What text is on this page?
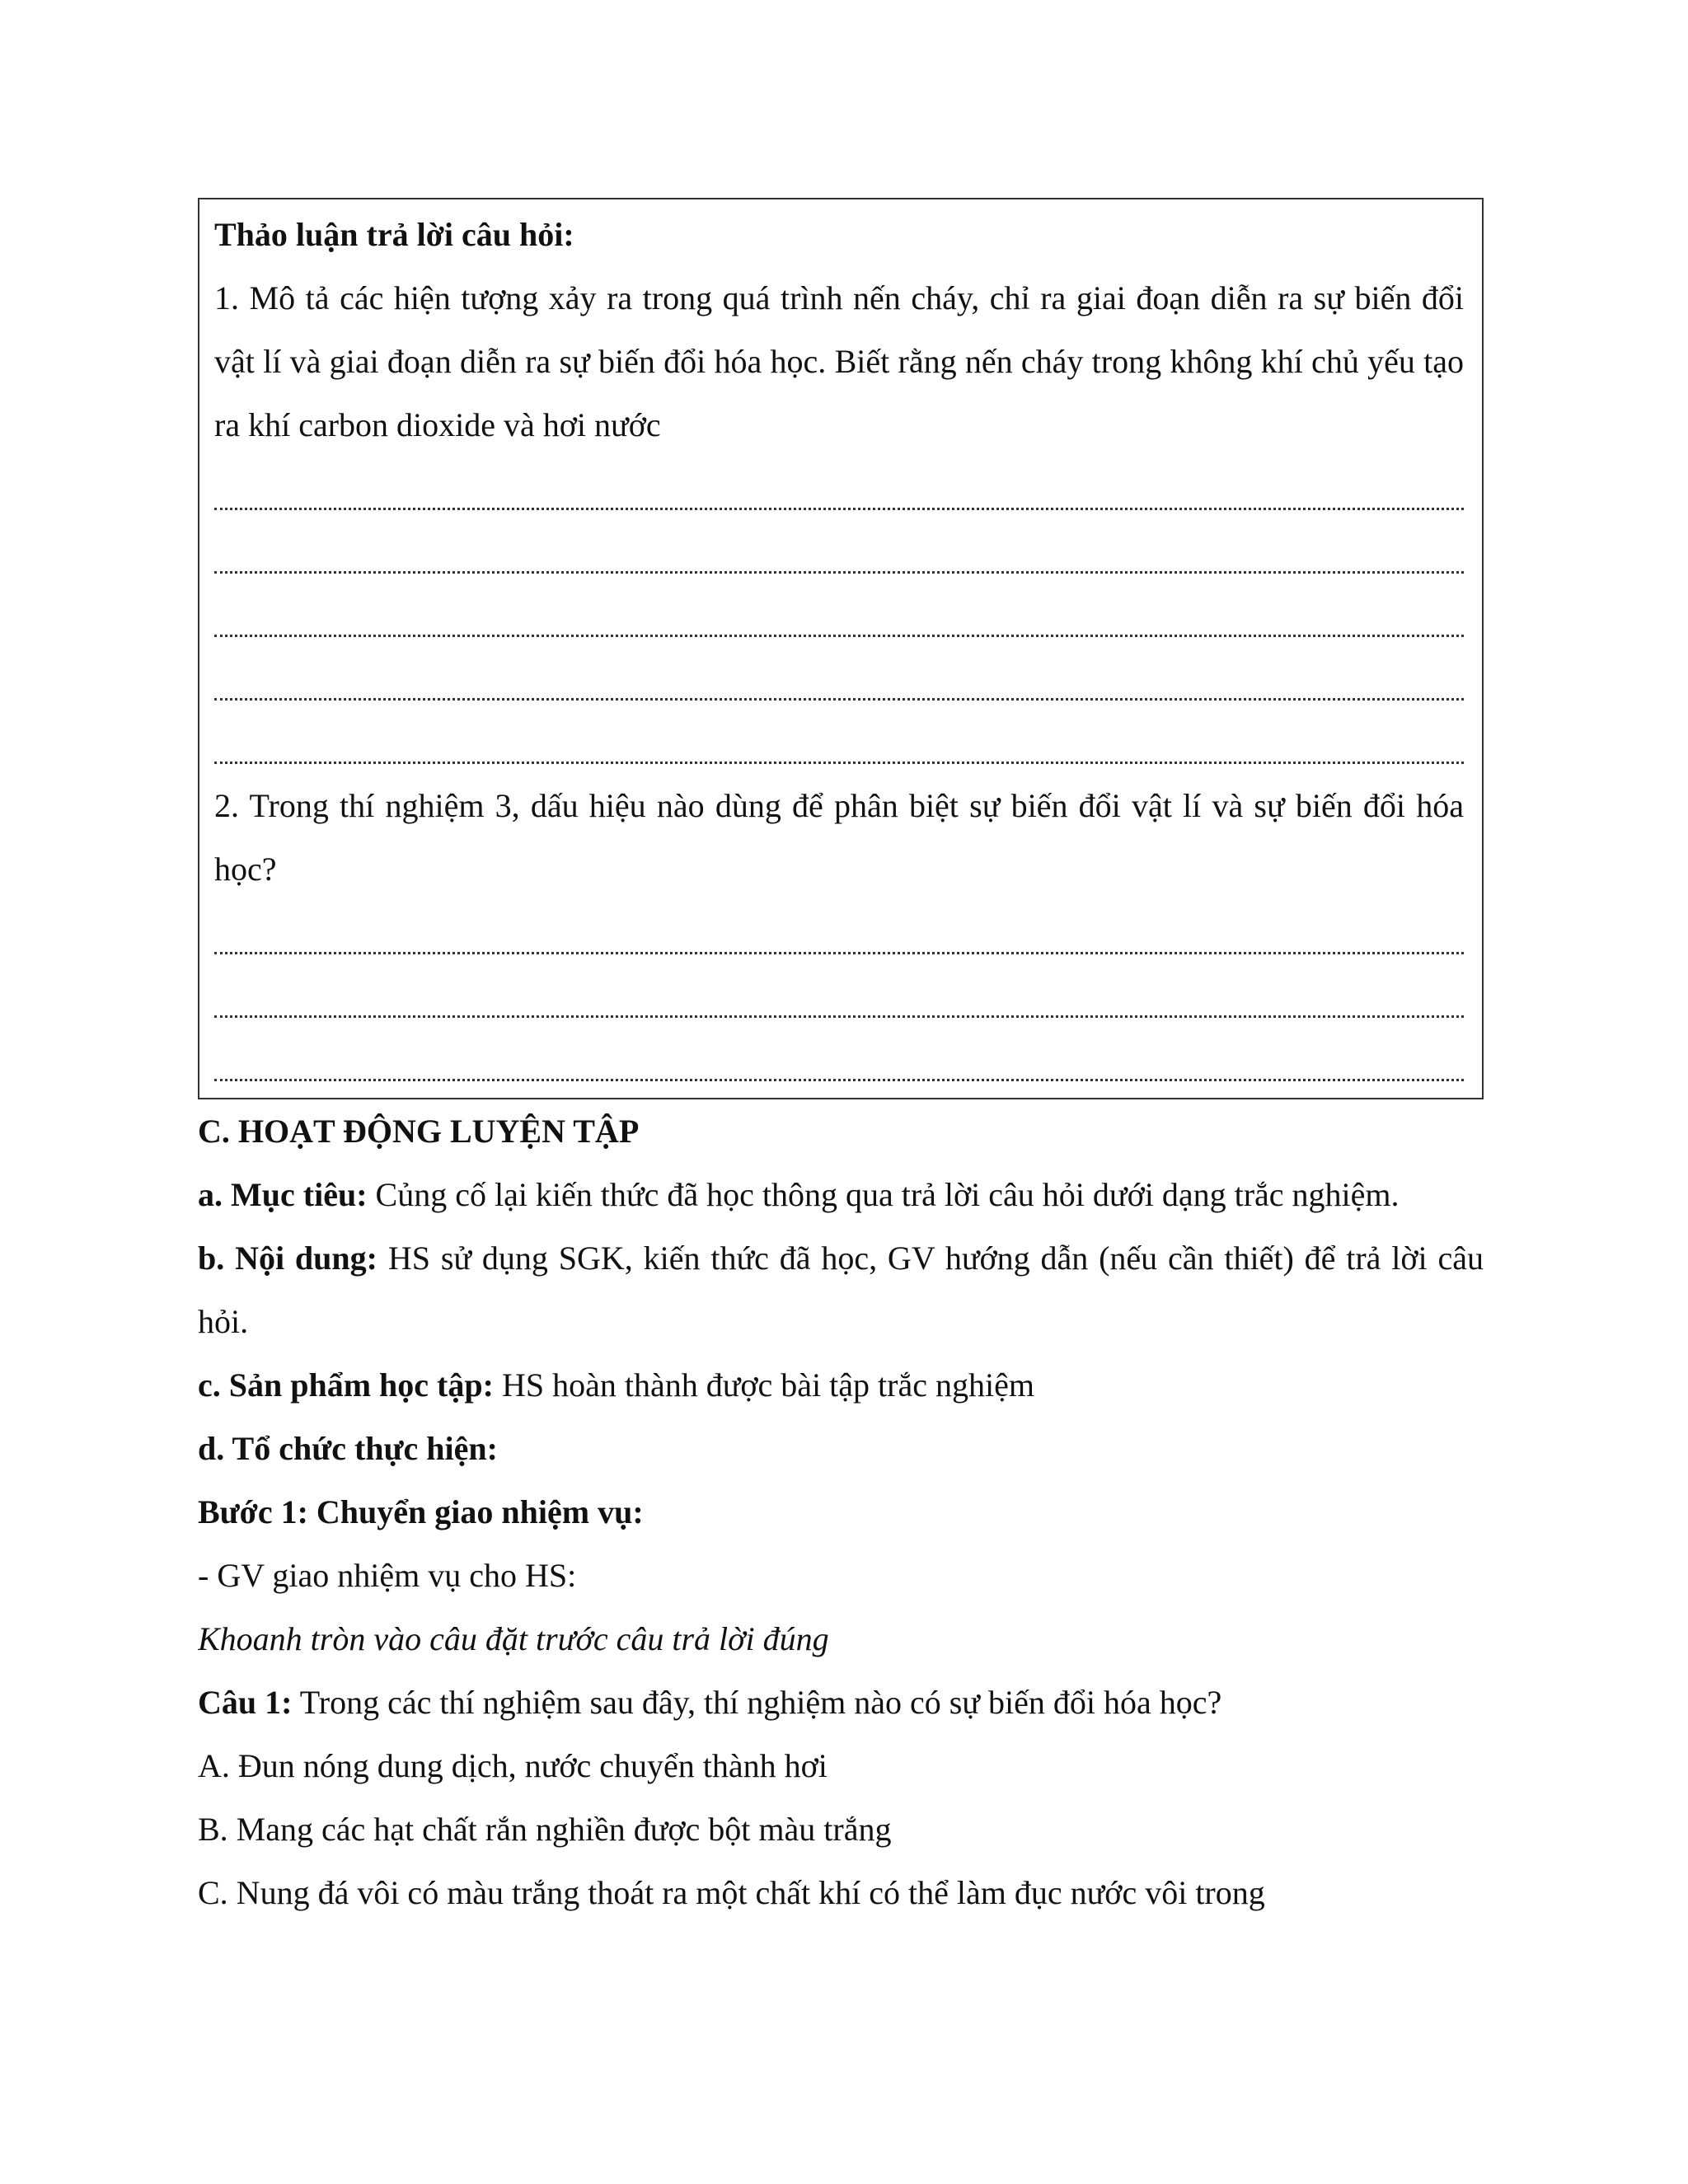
Thảo luận trả lời câu hỏi:
1. Mô tả các hiện tượng xảy ra trong quá trình nến cháy, chỉ ra giai đoạn diễn ra sự biến đổi vật lí và giai đoạn diễn ra sự biến đổi hóa học. Biết rằng nến cháy trong không khí chủ yếu tạo ra khí carbon dioxide và hơi nước
2. Trong thí nghiệm 3, dấu hiệu nào dùng để phân biệt sự biến đổi vật lí và sự biến đổi hóa học?
C. HOẠT ĐỘNG LUYỆN TẬP
a. Mục tiêu: Củng cố lại kiến thức đã học thông qua trả lời câu hỏi dưới dạng trắc nghiệm.
b. Nội dung: HS sử dụng SGK, kiến thức đã học, GV hướng dẫn (nếu cần thiết) để trả lời câu hỏi.
c. Sản phẩm học tập: HS hoàn thành được bài tập trắc nghiệm
d. Tổ chức thực hiện:
Bước 1: Chuyển giao nhiệm vụ:
- GV giao nhiệm vụ cho HS:
Khoanh tròn vào câu đặt trước câu trả lời đúng
Câu 1: Trong các thí nghiệm sau đây, thí nghiệm nào có sự biến đổi hóa học?
A. Đun nóng dung dịch, nước chuyển thành hơi
B. Mang các hạt chất rắn nghiền được bột màu trắng
C. Nung đá vôi có màu trắng thoát ra một chất khí có thể làm đục nước vôi trong
